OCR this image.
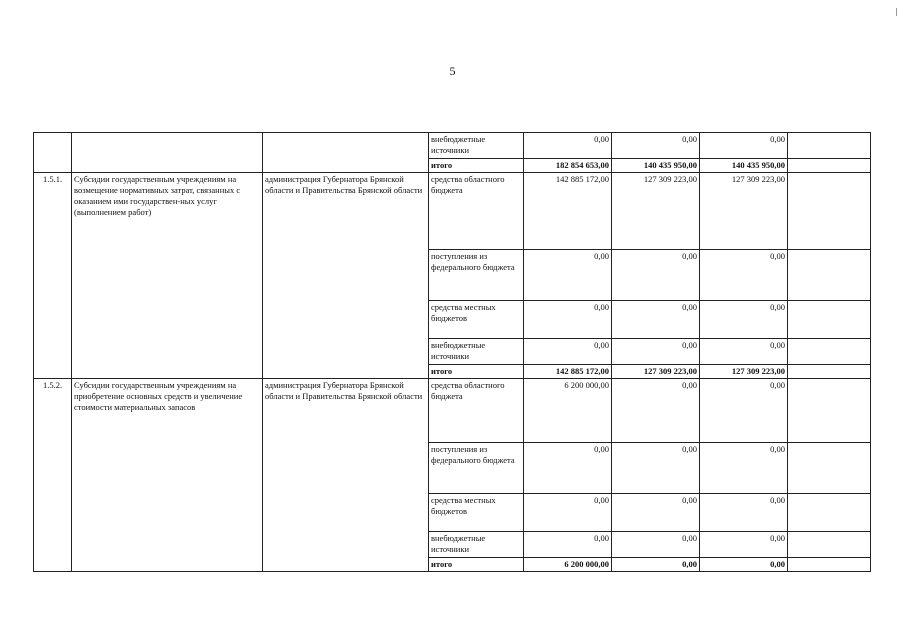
5
			внебюджетные источники	0,00	0,00	0,00	
			итого	182 854 653,00	140 435 950,00	140 435 950,00	
1.5.1.	Субсидии государственным учреждениям на возмещение нормативных затрат, связанных с оказанием ими государствен-ных услуг (выполнением работ)	администрация Губернатора Брянской области и Правительства Брянской области	средства областного бюджета	142 885 172,00	127 309 223,00	127 309 223,00	
			поступления из федерального бюджета	0,00	0,00	0,00	
			средства местных бюджетов	0,00	0,00	0,00	
			внебюджетные источники	0,00	0,00	0,00	
			итого	142 885 172,00	127 309 223,00	127 309 223,00	
1.5.2.	Субсидии государственным учреждениям на приобретение основных средств и увеличение стоимости материальных запасов	администрация Губернатора Брянской области и Правительства Брянской области	средства областного бюджета	6 200 000,00	0,00	0,00	
			поступления из федерального бюджета	0,00	0,00	0,00	
			средства местных бюджетов	0,00	0,00	0,00	
			внебюджетные источники	0,00	0,00	0,00	
			итого	6 200 000,00	0,00	0,00	
